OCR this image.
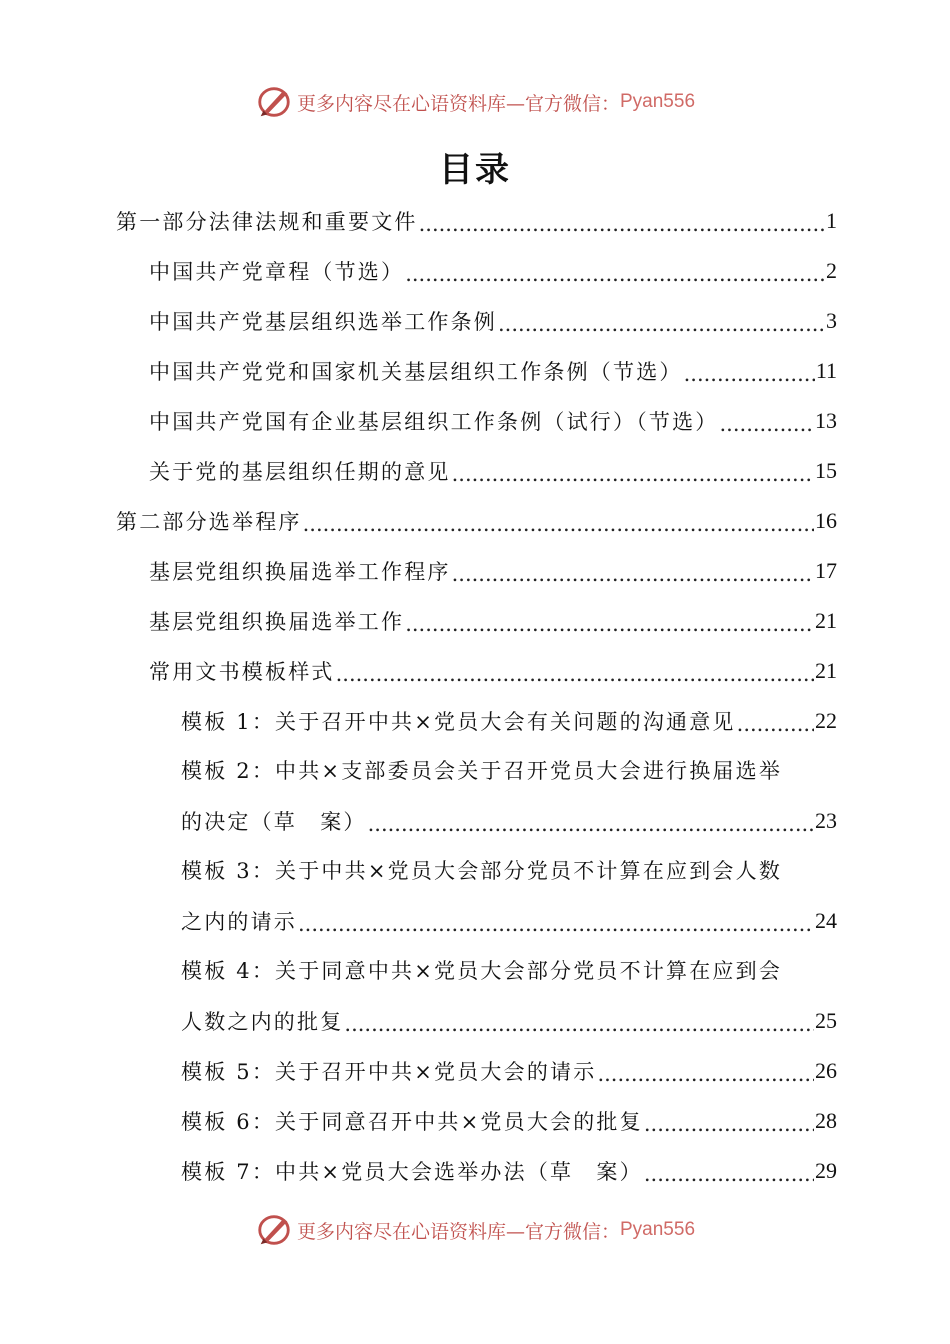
更多内容尽在心语资料库—官方微信： Pyan556
目录
第一部分法律法规和重要文件 .....	1
中国共产党章程（节选） .....	2
中国共产党基层组织选举工作条例 .....	3
中国共产党党和国家机关基层组织工作条例（节选） .....	11
中国共产党国有企业基层组织工作条例（试行）（节选） .....	13
关于党的基层组织任期的意见 .....	15
第二部分选举程序 .....	16
基层党组织换届选举工作程序 .....	17
基层党组织换届选举工作 .....	21
常用文书模板样式 .....	21
模板 1：关于召开中共×党员大会有关问题的沟通意见 .....	22
模板 2：中共×支部委员会关于召开党员大会进行换届选举
的决定（草　案） .....	23
模板 3：关于中共×党员大会部分党员不计算在应到会人数
之内的请示 .....	24
模板 4：关于同意中共×党员大会部分党员不计算在应到会
人数之内的批复 .....	25
模板 5：关于召开中共×党员大会的请示 .....	26
模板 6：关于同意召开中共×党员大会的批复 .....	28
模板 7：中共×党员大会选举办法（草　案） .....	29
更多内容尽在心语资料库—官方微信： Pyan556
